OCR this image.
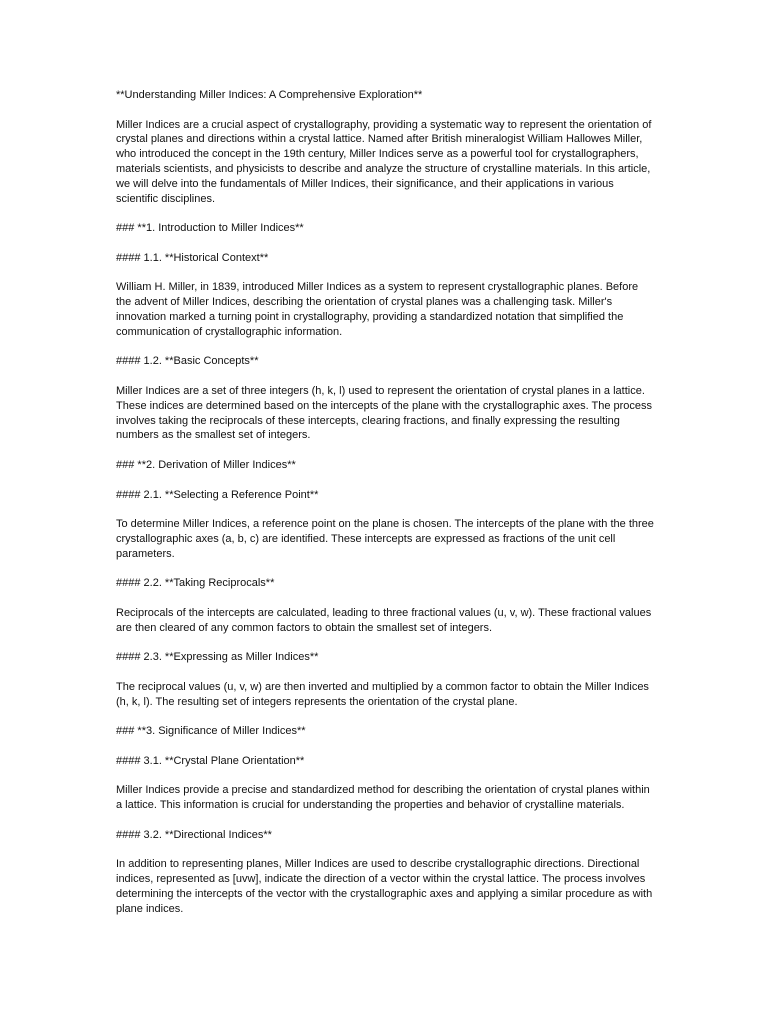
**Understanding Miller Indices: A Comprehensive Exploration**

Miller Indices are a crucial aspect of crystallography, providing a systematic way to represent the orientation of crystal planes and directions within a crystal lattice. Named after British mineralogist William Hallowes Miller, who introduced the concept in the 19th century, Miller Indices serve as a powerful tool for crystallographers, materials scientists, and physicists to describe and analyze the structure of crystalline materials. In this article, we will delve into the fundamentals of Miller Indices, their significance, and their applications in various scientific disciplines.

### **1. Introduction to Miller Indices**

#### 1.1. **Historical Context**

William H. Miller, in 1839, introduced Miller Indices as a system to represent crystallographic planes. Before the advent of Miller Indices, describing the orientation of crystal planes was a challenging task. Miller's innovation marked a turning point in crystallography, providing a standardized notation that simplified the communication of crystallographic information.

#### 1.2. **Basic Concepts**

Miller Indices are a set of three integers (h, k, l) used to represent the orientation of crystal planes in a lattice. These indices are determined based on the intercepts of the plane with the crystallographic axes. The process involves taking the reciprocals of these intercepts, clearing fractions, and finally expressing the resulting numbers as the smallest set of integers.

### **2. Derivation of Miller Indices**

#### 2.1. **Selecting a Reference Point**

To determine Miller Indices, a reference point on the plane is chosen. The intercepts of the plane with the three crystallographic axes (a, b, c) are identified. These intercepts are expressed as fractions of the unit cell parameters.

#### 2.2. **Taking Reciprocals**

Reciprocals of the intercepts are calculated, leading to three fractional values (u, v, w). These fractional values are then cleared of any common factors to obtain the smallest set of integers.

#### 2.3. **Expressing as Miller Indices**

The reciprocal values (u, v, w) are then inverted and multiplied by a common factor to obtain the Miller Indices (h, k, l). The resulting set of integers represents the orientation of the crystal plane.

### **3. Significance of Miller Indices**

#### 3.1. **Crystal Plane Orientation**

Miller Indices provide a precise and standardized method for describing the orientation of crystal planes within a lattice. This information is crucial for understanding the properties and behavior of crystalline materials.

#### 3.2. **Directional Indices**

In addition to representing planes, Miller Indices are used to describe crystallographic directions. Directional indices, represented as [uvw], indicate the direction of a vector within the crystal lattice. The process involves determining the intercepts of the vector with the crystallographic axes and applying a similar procedure as with plane indices.
